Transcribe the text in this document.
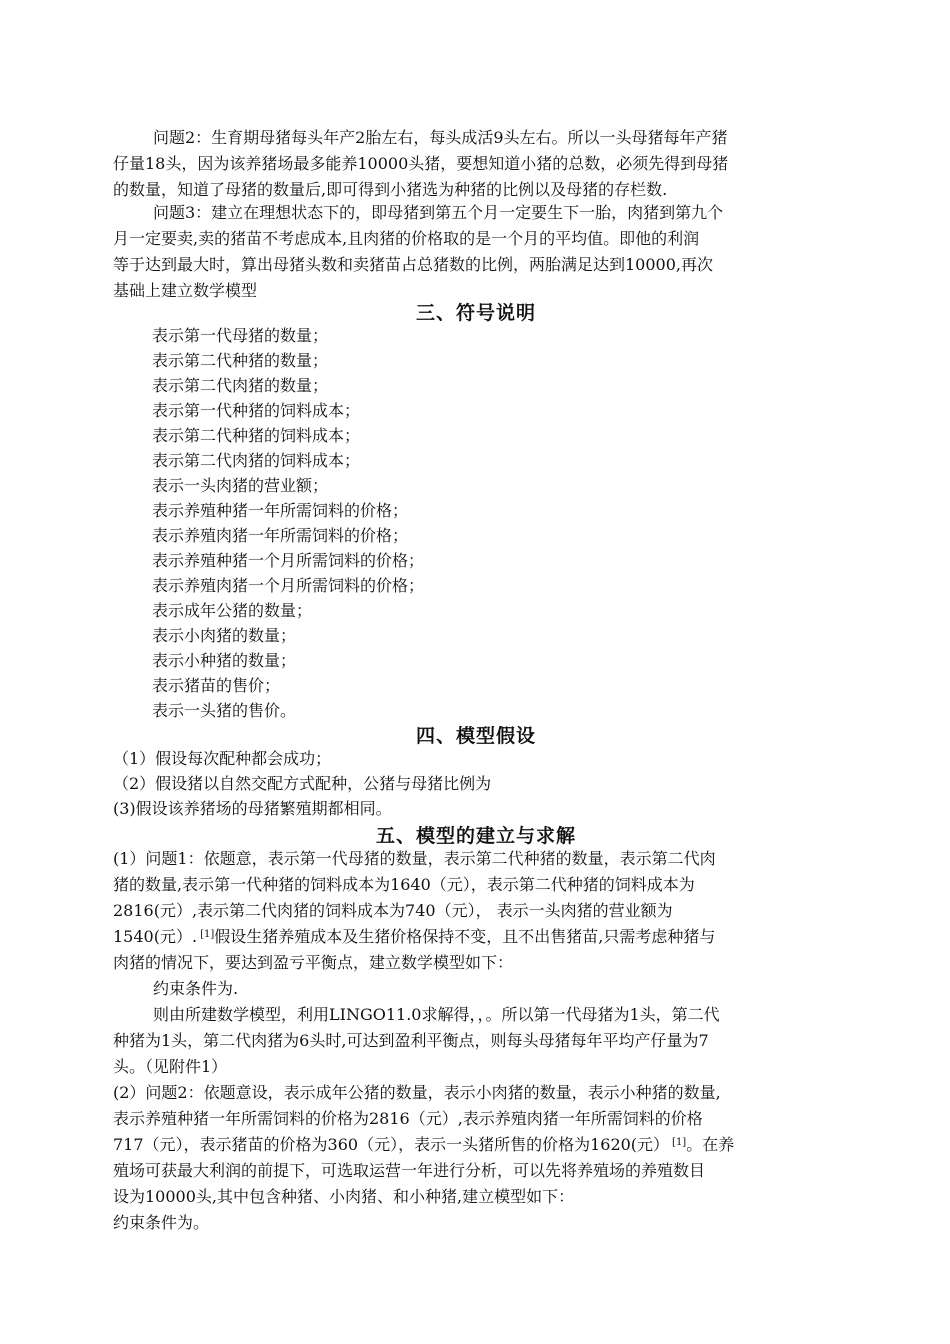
问题2：生育期母猪每头年产2胎左右，每头成活9头左右。所以一头母猪每年产猪
仔量18头，因为该养猪场最多能养10000头猪，要想知道小猪的总数，必须先得到母猪
的数量，知道了母猪的数量后,即可得到小猪选为种猪的比例以及母猪的存栏数.
问题3：建立在理想状态下的，即母猪到第五个月一定要生下一胎，肉猪到第九个
月一定要卖,卖的猪苗不考虑成本,且肉猪的价格取的是一个月的平均值。即他的利润
等于达到最大时，算出母猪头数和卖猪苗占总猪数的比例，两胎满足达到10000,再次
基础上建立数学模型
三、符号说明
表示第一代母猪的数量；
表示第二代种猪的数量；
表示第二代肉猪的数量；
表示第一代种猪的饲料成本；
表示第二代种猪的饲料成本；
表示第二代肉猪的饲料成本；
表示一头肉猪的营业额；
表示养殖种猪一年所需饲料的价格；
表示养殖肉猪一年所需饲料的价格；
表示养殖种猪一个月所需饲料的价格；
表示养殖肉猪一个月所需饲料的价格；
表示成年公猪的数量；
表示小肉猪的数量；
表示小种猪的数量；
表示猪苗的售价；
表示一头猪的售价。
四、模型假设
（1）假设每次配种都会成功；
（2）假设猪以自然交配方式配种，公猪与母猪比例为
(3)假设该养猪场的母猪繁殖期都相同。
五、模型的建立与求解
(1）问题1：依题意，表示第一代母猪的数量，表示第二代种猪的数量，表示第二代肉
猪的数量,表示第一代种猪的饲料成本为1640（元），表示第二代种猪的饲料成本为
2816(元）,表示第二代肉猪的饲料成本为740（元）， 表示一头肉猪的营业额为
1540(元）. [1]假设生猪养殖成本及生猪价格保持不变，且不出售猪苗,只需考虑种猪与
肉猪的情况下，要达到盈亏平衡点，建立数学模型如下：
约束条件为.
则由所建数学模型，利用LINGO11.0求解得，，。所以第一代母猪为1头，第二代
种猪为1头，第二代肉猪为6头时,可达到盈利平衡点，则每头母猪每年平均产仔量为7
头。（见附件1）
(2）问题2：依题意设，表示成年公猪的数量，表示小肉猪的数量，表示小种猪的数量,
表示养殖种猪一年所需饲料的价格为2816（元）,表示养殖肉猪一年所需饲料的价格
717（元），表示猪苗的价格为360（元），表示一头猪所售的价格为1620(元） [1]。在养
殖场可获最大利润的前提下，可选取运营一年进行分析，可以先将养殖场的养殖数目
设为10000头,其中包含种猪、小肉猪、和小种猪,建立模型如下：
约束条件为。
